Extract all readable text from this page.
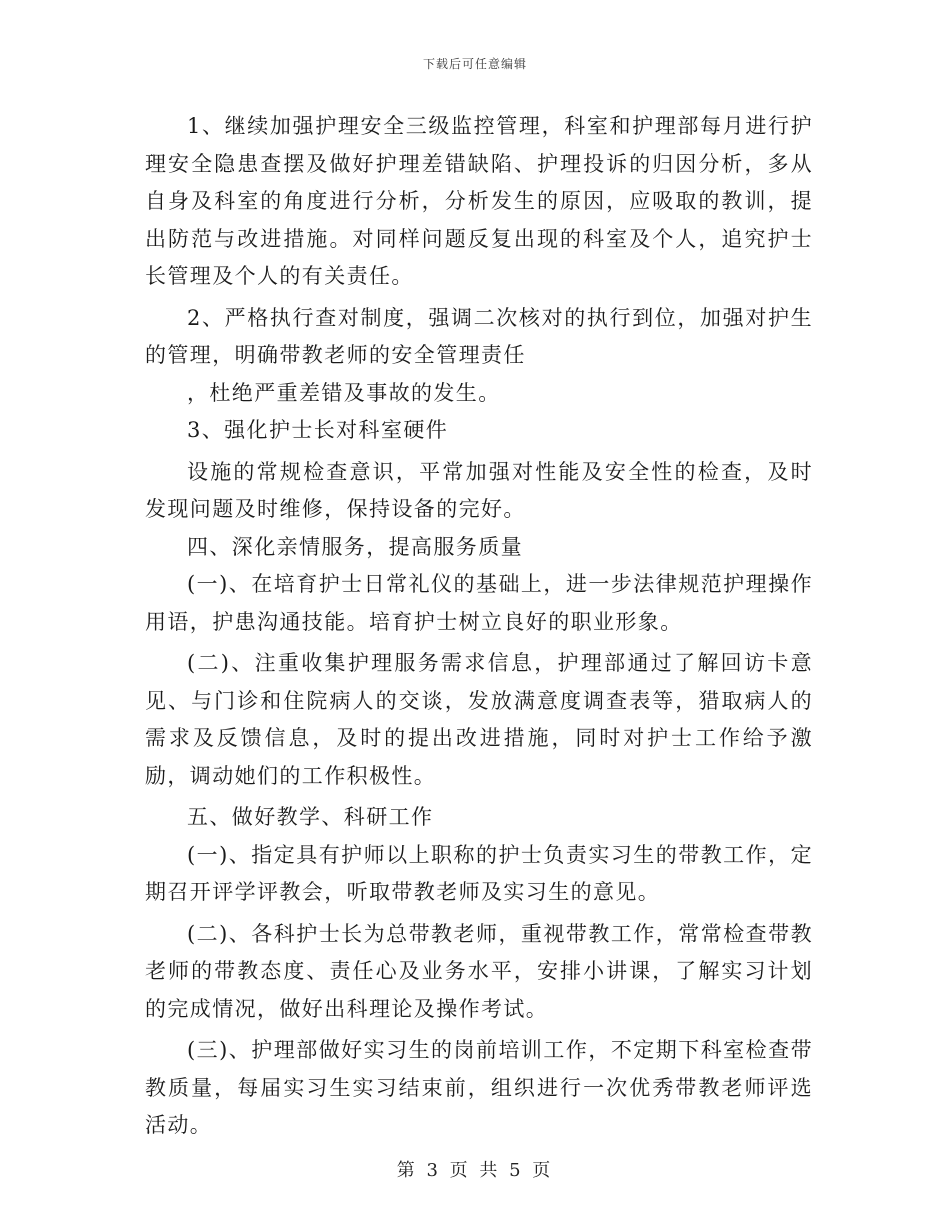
下载后可任意编辑

1、继续加强护理安全三级监控管理，科室和护理部每月进行护理安全隐患查摆及做好护理差错缺陷、护理投诉的归因分析，多从自身及科室的角度进行分析，分析发生的原因，应吸取的教训，提出防范与改进措施。对同样问题反复出现的科室及个人，追究护士长管理及个人的有关责任。

2、严格执行查对制度，强调二次核对的执行到位，加强对护生的管理，明确带教老师的安全管理责任

，杜绝严重差错及事故的发生。

3、强化护士长对科室硬件

设施的常规检查意识，平常加强对性能及安全性的检查，及时发现问题及时维修，保持设备的完好。

四、深化亲情服务，提高服务质量

(一)、在培育护士日常礼仪的基础上，进一步法律规范护理操作用语，护患沟通技能。培育护士树立良好的职业形象。

(二)、注重收集护理服务需求信息，护理部通过了解回访卡意见、与门诊和住院病人的交谈，发放满意度调查表等，猎取病人的需求及反馈信息，及时的提出改进措施，同时对护士工作给予激励，调动她们的工作积极性。

五、做好教学、科研工作

(一)、指定具有护师以上职称的护士负责实习生的带教工作，定期召开评学评教会，听取带教老师及实习生的意见。

(二)、各科护士长为总带教老师，重视带教工作，常常检查带教老师的带教态度、责任心及业务水平，安排小讲课，了解实习计划的完成情况，做好出科理论及操作考试。

(三)、护理部做好实习生的岗前培训工作，不定期下科室检查带教质量，每届实习生实习结束前，组织进行一次优秀带教老师评选活动。

第 3 页 共 5 页
